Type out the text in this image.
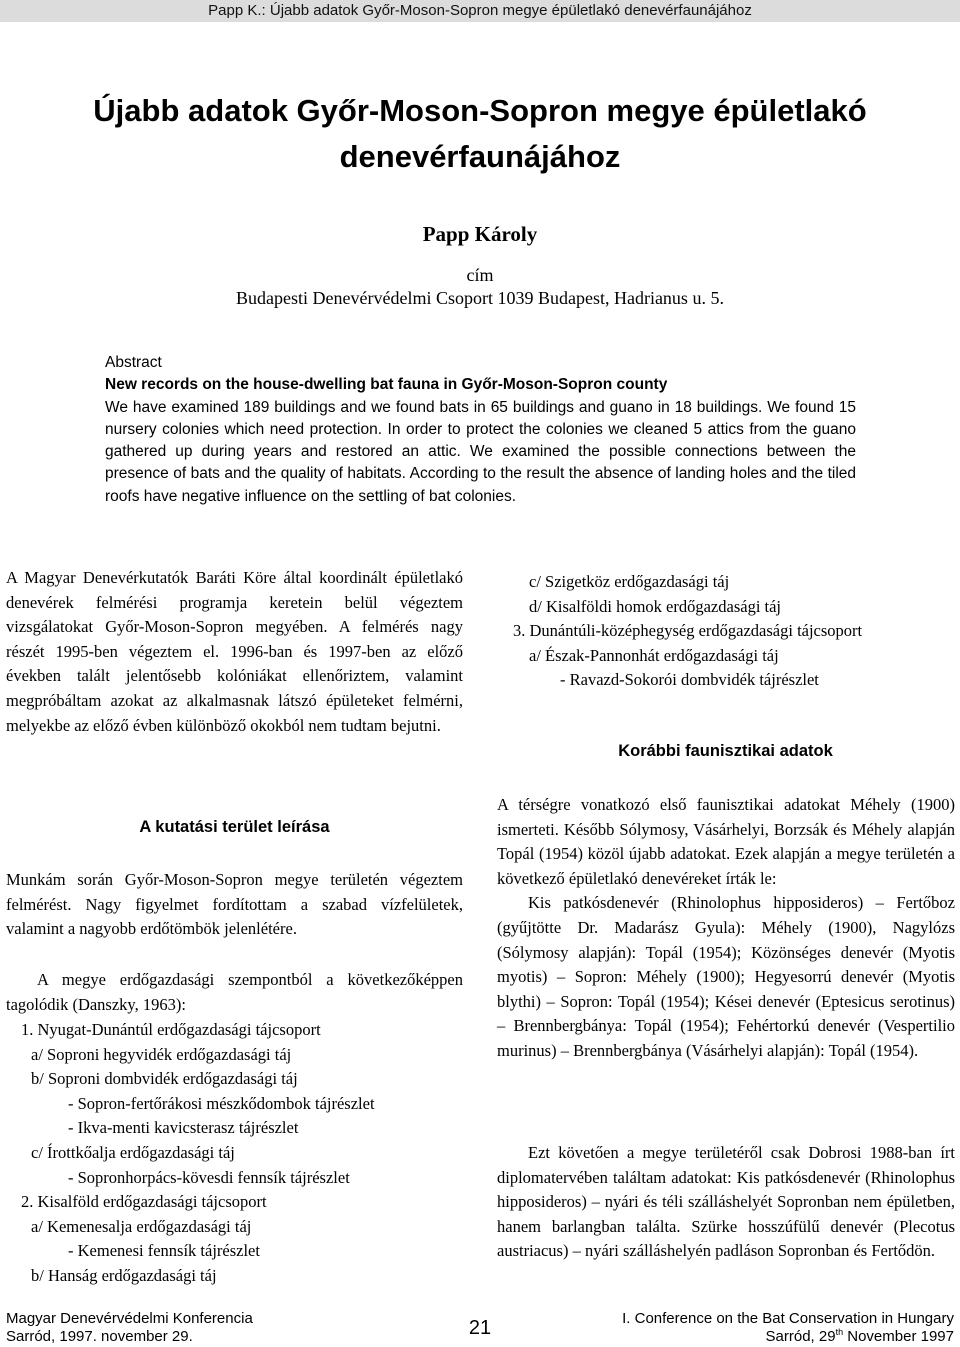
Papp K.: Újabb adatok Győr-Moson-Sopron megye épületlakó denevérfaunájához
Újabb adatok Győr-Moson-Sopron megye épületlakó denevérfaunájához
Papp Károly
cím
Budapesti Denevérvédelmi Csoport 1039 Budapest, Hadrianus u. 5.
Abstract
New records on the house-dwelling bat fauna in Győr-Moson-Sopron county
We have examined 189 buildings and we found bats in 65 buildings and guano in 18 buildings. We found 15 nursery colonies which need protection. In order to protect the colonies we cleaned 5 attics from the guano gathered up during years and restored an attic. We examined the possible connections between the presence of bats and the quality of habitats. According to the result the absence of landing holes and the tiled roofs have negative influence on the settling of bat colonies.
A Magyar Denevérkutatók Baráti Köre által koordinált épületlakó denevérek felmérési programja keretein belül végeztem vizsgálatokat Győr-Moson-Sopron megyében. A felmérés nagy részét 1995-ben végeztem el. 1996-ban és 1997-ben az előző években talált jelentősebb kolóniákat ellenőriztem, valamint megpróbáltam azokat az alkalmasnak látszó épületeket felmérni, melyekbe az előző évben különböző okokból nem tudtam bejutni.
A kutatási terület leírása
Munkám során Győr-Moson-Sopron megye területén végeztem felmérést. Nagy figyelmet fordítottam a szabad vízfelületek, valamint a nagyobb erdőtömbök jelenlétére.
A megye erdőgazdasági szempontból a következőképpen tagolódik (Danszky, 1963):
1. Nyugat-Dunántúl erdőgazdasági tájcsoport
a/ Soproni hegyvidék erdőgazdasági táj
b/ Soproni dombvidék erdőgazdasági táj
- Sopron-fertőrákosi mészkődombok tájrészlet
- Ikva-menti kavicsterasz tájrészlet
c/ Írottkőalja erdőgazdasági táj
- Sopronhorpács-kövesdi fennsík tájrészlet
2. Kisalföld erdőgazdasági tájcsoport
a/ Kemenesalja erdőgazdasági táj
- Kemenesi fennsík tájrészlet
b/ Hanság erdőgazdasági táj
c/ Szigetköz erdőgazdasági táj
d/ Kisalföldi homok erdőgazdasági táj
3. Dunántúli-középhegység erdőgazdasági tájcsoport
a/ Észak-Pannonhát erdőgazdasági táj
- Ravazd-Sokorói dombvidék tájrészlet
Korábbi faunisztikai adatok
A térségre vonatkozó első faunisztikai adatokat Méhely (1900) ismerteti. Később Sólymosy, Vásárhelyi, Borzsák és Méhely alapján Topál (1954) közöl újabb adatokat. Ezek alapján a megye területén a következő épületlakó denevéreket írták le:
Kis patkósdenevér (Rhinolophus hipposideros) – Fertőboz (gyűjtötte Dr. Madarász Gyula): Méhely (1900), Nagylózs (Sólymosy alapján): Topál (1954); Közönséges denevér (Myotis myotis) – Sopron: Méhely (1900); Hegyesorrú denevér (Myotis blythi) – Sopron: Topál (1954); Kései denevér (Eptesicus serotinus) – Brennbergbánya: Topál (1954); Fehértorkú denevér (Vespertilio murinus) – Brennbergbánya (Vásárhelyi alapján): Topál (1954).
Ezt követően a megye területéről csak Dobrosi 1988-ban írt diplomatervében találtam adatokat: Kis patkósdenevér (Rhinolophus hipposideros) – nyári és téli szálláshelyét Sopronban nem épületben, hanem barlangban találta. Szürke hosszúfülű denevér (Plecotus austriacus) – nyári szálláshelyén padláson Sopronban és Fertődön.
Magyar Denevérvédelmi Konferencia
Sarród, 1997. november 29.	21	I. Conference on the Bat Conservation in Hungary
Sarród, 29th November 1997
